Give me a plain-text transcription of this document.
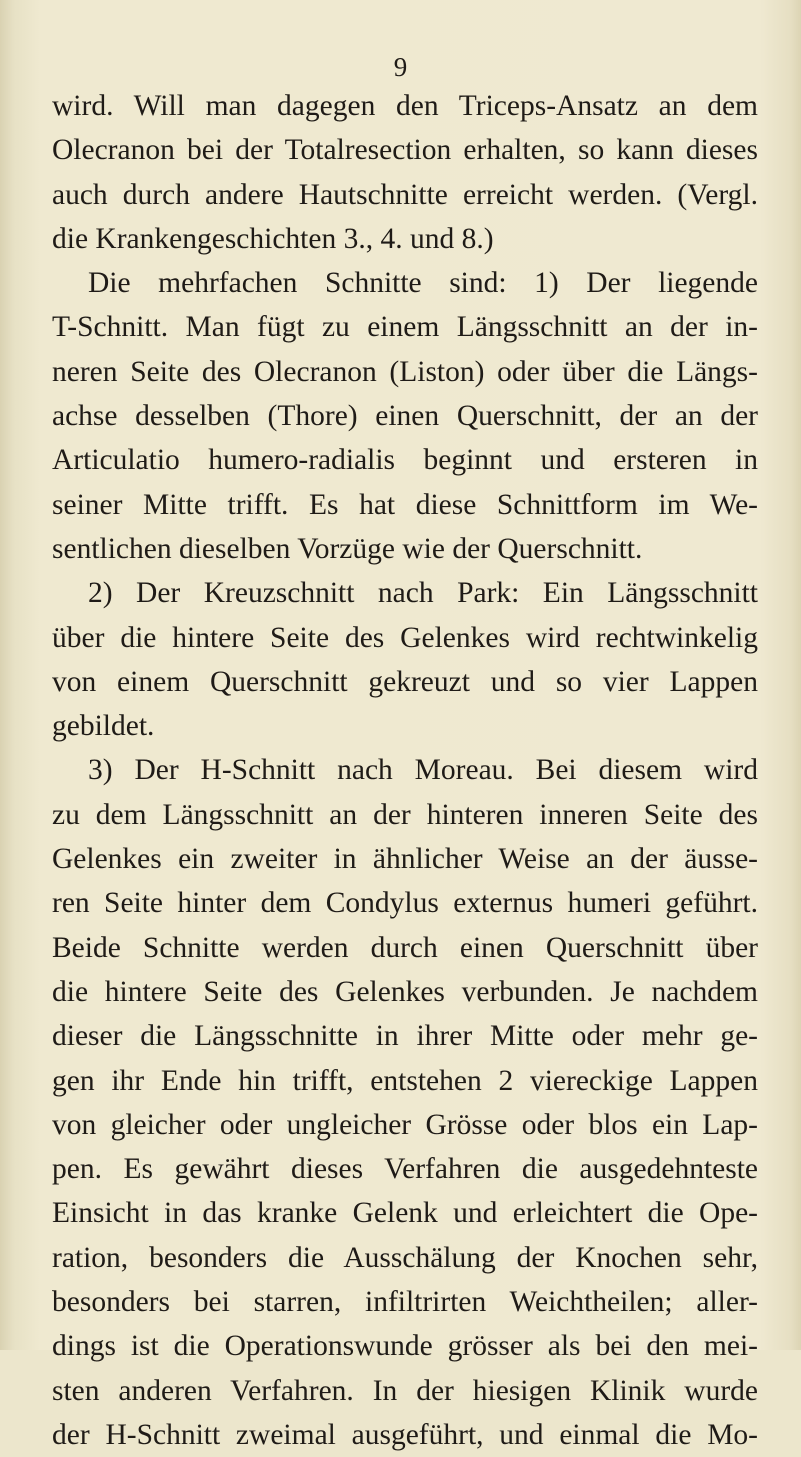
9
wird. Will man dagegen den Triceps-Ansatz an dem
Olecranon bei der Totalresection erhalten, so kann dieses
auch durch andere Hautschnitte erreicht werden. (Vergl.
die Krankengeschichten 3., 4. und 8.)
Die mehrfachen Schnitte sind: 1) Der liegende
T-Schnitt. Man fügt zu einem Längsschnitt an der in-
neren Seite des Olecranon (Liston) oder über die Längs-
achse desselben (Thore) einen Querschnitt, der an der
Articulatio humero-radialis beginnt und ersteren in
seiner Mitte trifft. Es hat diese Schnittform im We-
sentlichen dieselben Vorzüge wie der Querschnitt.
2) Der Kreuzschnitt nach Park: Ein Längsschnitt
über die hintere Seite des Gelenkes wird rechtwinkelig
von einem Querschnitt gekreuzt und so vier Lappen
gebildet.
3) Der H-Schnitt nach Moreau. Bei diesem wird
zu dem Längsschnitt an der hinteren inneren Seite des
Gelenkes ein zweiter in ähnlicher Weise an der äusse-
ren Seite hinter dem Condylus externus humeri geführt.
Beide Schnitte werden durch einen Querschnitt über
die hintere Seite des Gelenkes verbunden. Je nachdem
dieser die Längsschnitte in ihrer Mitte oder mehr ge-
gen ihr Ende hin trifft, entstehen 2 viereckige Lappen
von gleicher oder ungleicher Grösse oder blos ein Lap-
pen. Es gewährt dieses Verfahren die ausgedehnteste
Einsicht in das kranke Gelenk und erleichtert die Ope-
ration, besonders die Ausschälung der Knochen sehr,
besonders bei starren, infiltrirten Weichtheilen; aller-
dings ist die Operationswunde grösser als bei den mei-
sten anderen Verfahren. In der hiesigen Klinik wurde
der H-Schnitt zweimal ausgeführt, und einmal die Mo-
